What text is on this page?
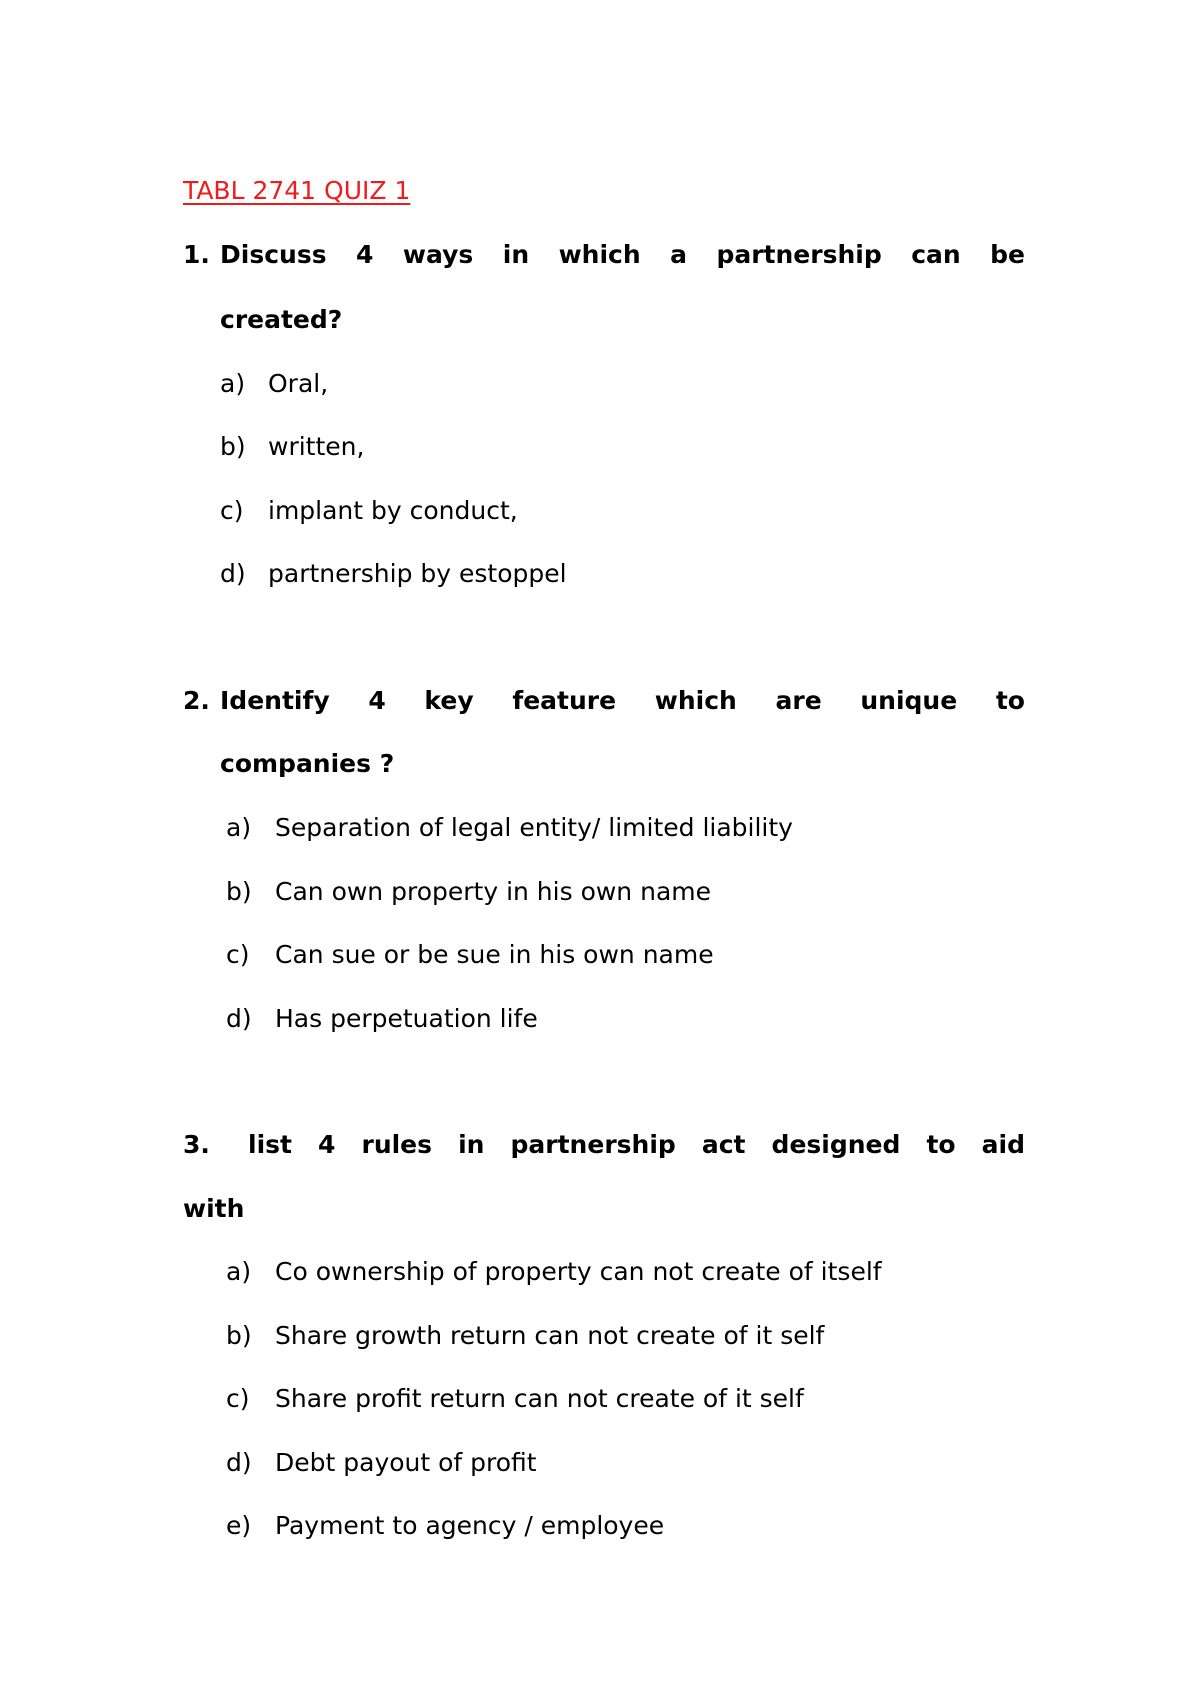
TABL 2741 QUIZ 1
1. Discuss 4 ways in which a partnership can be
created?
a) Oral,
b) written,
c) implant by conduct,
d) partnership by estoppel
2. Identify 4 key feature which are unique to
companies ?
a) Separation of legal entity/ limited liability
b) Can own property in his own name
c) Can sue or be sue in his own name
d) Has perpetuation life
3. list 4 rules in partnership act designed to aid
with
a) Co ownership of property can not create of itself
b) Share growth return can not create of it self
c) Share profit return can not create of it self
d) Debt payout of profit
e) Payment to agency / employee
